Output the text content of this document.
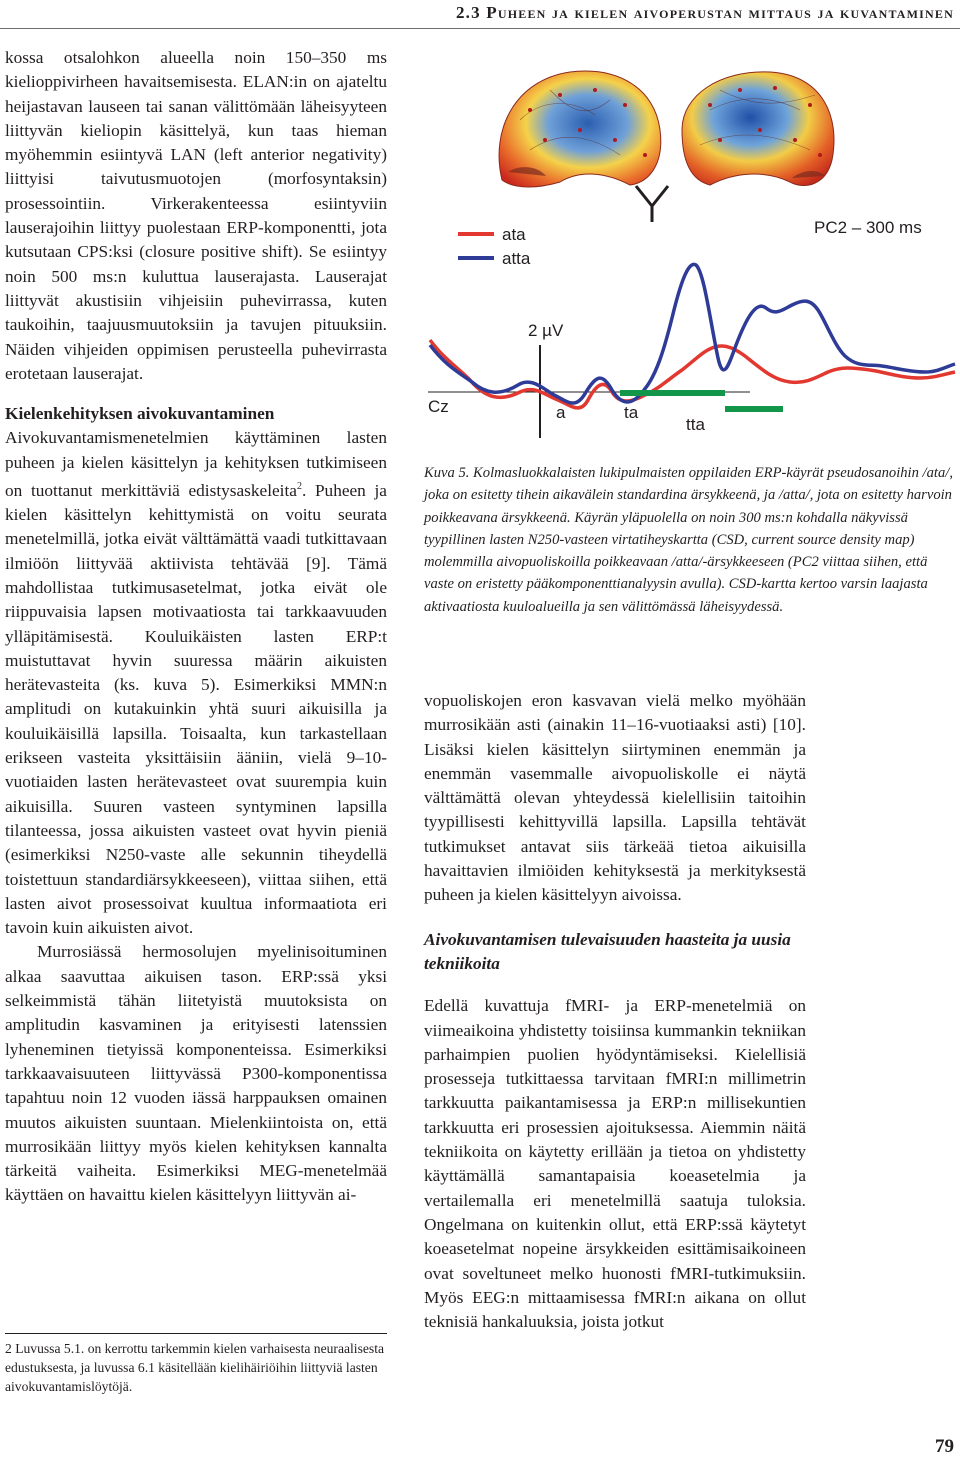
2.3 Puheen ja kielen aivoperustan mittaus ja kuvantaminen

kossa otsalohkon alueella noin 150–350 ms kielioppivirheen havaitsemisesta. ELAN:in on ajateltu heijastavan lauseen tai sanan välittömään läheisyyteen liittyvän kieliopin käsittelyä, kun taas hieman myöhemmin esiintyvä LAN (left anterior negativity) liittyisi taivutusmuotojen (morfosyntaksin) prosessointiin. Virkerakenteessa esiintyviin lauserajoihin liittyy puolestaan ERP-komponentti, jota kutsutaan CPS:ksi (closure positive shift). Se esiintyy noin 500 ms:n kuluttua lauserajasta. Lauserajat liittyvät akustisiin vihjeisiin puhevirrassa, kuten taukoihin, taajuusmuutoksiin ja tavujen pituuksiin. Näiden vihjeiden oppimisen perusteella puhevirrasta erotetaan lauserajat.

Kielenkehityksen aivokuvantaminen

Aivokuvantamismenetelmien käyttäminen lasten puheen ja kielen käsittelyn ja kehityksen tutkimiseen on tuottanut merkittäviä edistysaskeleita$^2$. Puheen ja kielen käsittelyn kehittymistä on voitu seurata menetelmillä, jotka eivät välttämättä vaadi tutkittavaan ilmiöön liittyvää aktiivista tehtävää [9]. Tämä mahdollistaa tutkimusasetelmat, jotka eivät ole riippuvaisia lapsen motivaatiosta tai tarkkaavuuden ylläpitämisestä. Kouluikäisten lasten ERP:t muistuttavat hyvin suuressa määrin aikuisten herätevasteita (ks. kuva 5). Esimerkiksi MMN:n amplitudi on kutakuinkin yhtä suuri aikuisilla ja kouluikäisillä lapsilla. Toisaalta, kun tarkastellaan erikseen vasteita yksittäisiin ääniin, vielä 9–10-vuotiaiden lasten herätevasteet ovat suurempia kuin aikuisilla. Suuren vasteen syntyminen lapsilla tilanteessa, jossa aikuisten vasteet ovat hyvin pieniä (esimerkiksi N250-vaste alle sekunnin tiheydellä toistettuun standardiärsykkeeseen), viittaa siihen, että lasten aivot prosessoivat kuultua informaatiota eri tavoin kuin aikuisten aivot.

Murrosiässä hermosolujen myelinisoituminen alkaa saavuttaa aikuisen tason. ERP:ssä yksi selkeimmistä tähän liitetyistä muutoksista on amplitudin kasvaminen ja erityisesti latenssien lyheneminen tietyissä komponenteissa. Esimerkiksi tarkkaavaisuuteen liittyvässä P300-komponentissa tapahtuu noin 12 vuoden iässä harppauksen omainen muutos aikuisten suuntaan. Mielenkiintoista on, että murrosikään liittyy myös kielen kehityksen kannalta tärkeitä vaiheita. Esimerkiksi MEG-menetelmää käyttäen on havaittu kielen käsittelyyn liittyvän ai-

ata
atta
PC2 – 300 ms
2 µV
Cz	a	ta
tta
Kuva 5. Kolmasluokkalaisten lukipulmaisten oppilaiden ERP-käyrät pseudosanoihin /ata/, joka on esitetty tihein aikavälein standardina ärsykkeenä, ja /atta/, jota on esitetty harvoin poikkeavana ärsykkeenä. Käyrän yläpuolella on noin 300 ms:n kohdalla näkyvissä tyypillinen lasten N250-vasteen virtatiheyskartta (CSD, current source density map) molemmilla aivopuoliskoilla poikkeavaan /atta/-ärsykkeeseen (PC2 viittaa siihen, että vaste on eristetty pääkomponenttianalyysin avulla). CSD-kartta kertoo varsin laajasta aktivaatiosta kuuloalueilla ja sen välittömässä läheisyydessä.

vopuoliskojen eron kasvavan vielä melko myöhään murrosikään asti (ainakin 11–16-vuotiaaksi asti) [10]. Lisäksi kielen käsittelyn siirtyminen enemmän ja enemmän vasemmalle aivopuoliskolle ei näytä välttämättä olevan yhteydessä kielellisiin taitoihin tyypillisesti kehittyvillä lapsilla. Lapsilla tehtävät tutkimukset antavat siis tärkeää tietoa aikuisilla havaittavien ilmiöiden kehityksestä ja merkityksestä puheen ja kielen käsittelyyn aivoissa.

Aivokuvantamisen tulevaisuuden haasteita ja uusia tekniikoita

Edellä kuvattuja fMRI- ja ERP-menetelmiä on viimeaikoina yhdistetty toisiinsa kummankin tekniikan parhaimpien puolien hyödyntämiseksi. Kielellisiä prosesseja tutkittaessa tarvitaan fMRI:n millimetrin tarkkuutta paikantamisessa ja ERP:n millisekuntien tarkkuutta eri prosessien ajoituksessa. Aiemmin näitä tekniikoita on käytetty erillään ja tietoa on yhdistetty käyttämällä samantapaisia koeasetelmia ja vertailemalla eri menetelmillä saatuja tuloksia. Ongelmana on kuitenkin ollut, että ERP:ssä käytetyt koeasetelmat nopeine ärsykkeiden esittämisaikoineen ovat soveltuneet melko huonosti fMRI-tutkimuksiin. Myös EEG:n mittaamisessa fMRI:n aikana on ollut teknisiä hankaluuksia, joista jotkut

2 Luvussa 5.1. on kerrottu tarkemmin kielen varhaisesta neuraalisesta edustuksesta, ja luvussa 6.1 käsitellään kielihäiriöihin liittyviä lasten aivokuvantamislöytöjä.

79
